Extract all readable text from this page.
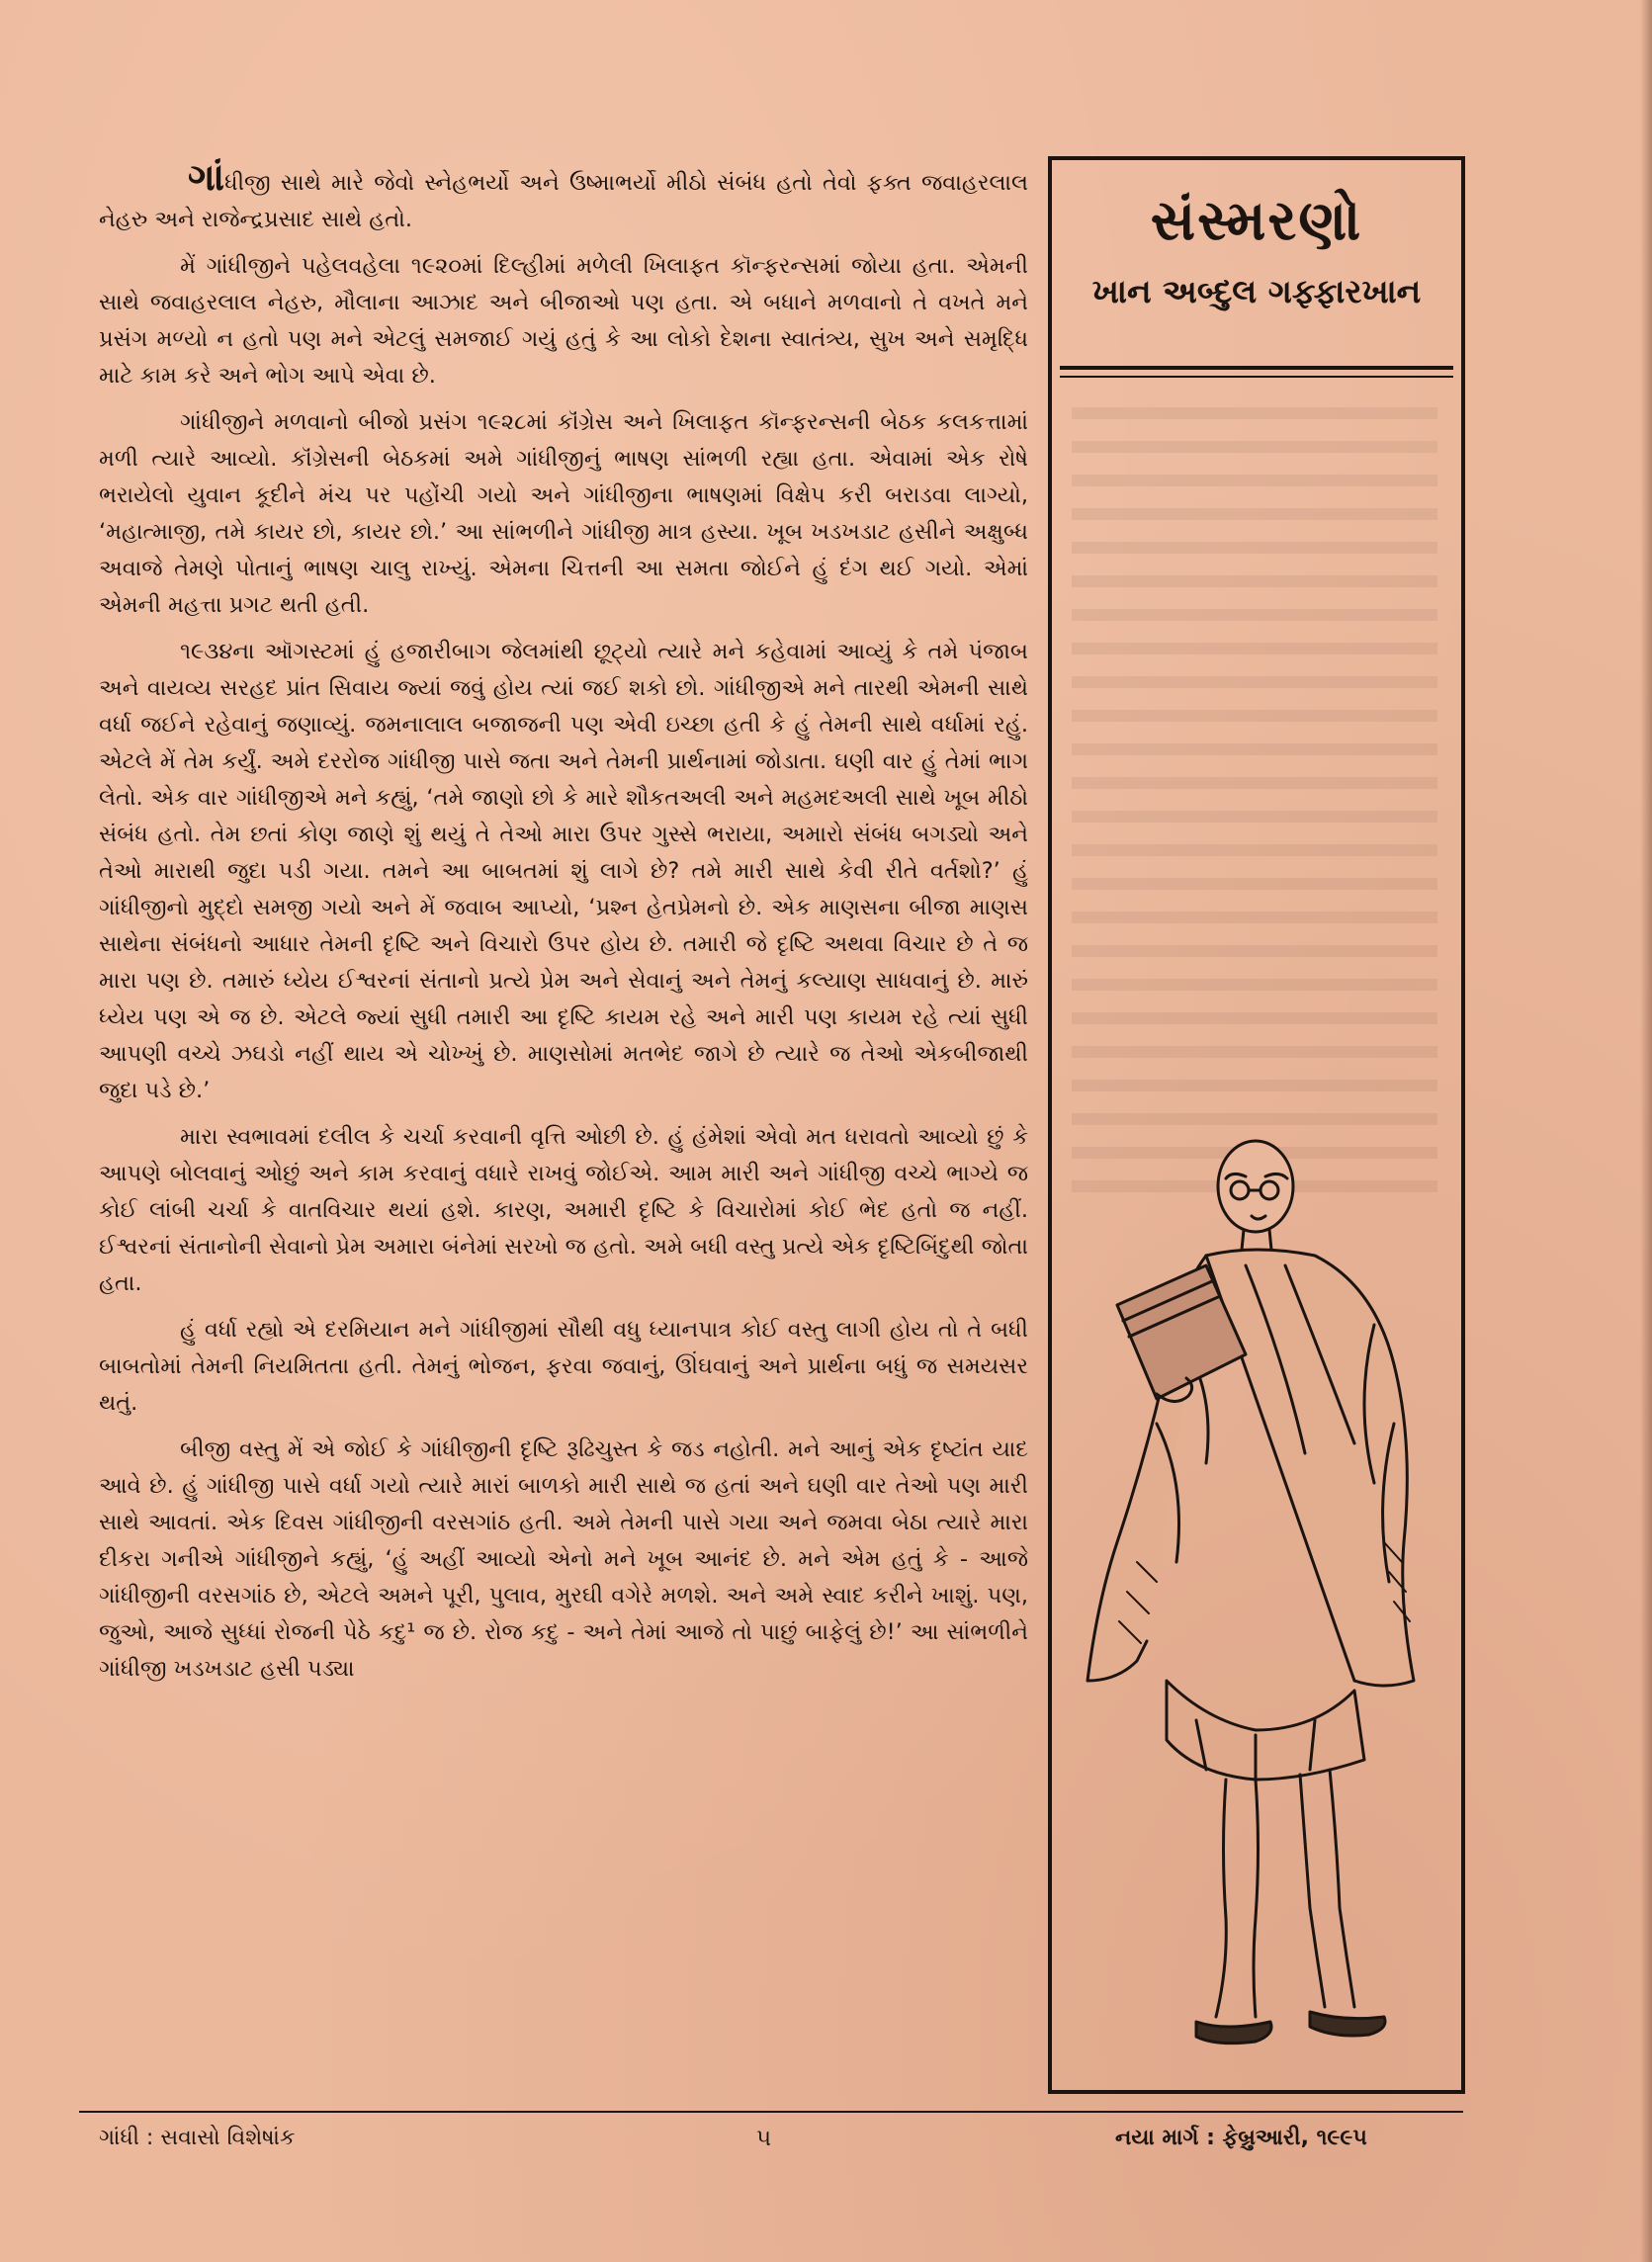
ગાંધીજી સાથે મારે જેવો સ્નેહભર્યો અને ઉષ્માભર્યો મીઠો સંબંધ હતો તેવો ફક્ત જવાહરલાલ નેહરુ અને રાજેન્દ્રપ્રસાદ સાથે હતો.

મેં ગાંધીજીને પહેલવહેલા ૧૯૨૦માં દિલ્હીમાં મળેલી ખિલાફત કૉન્ફરન્સમાં જોયા હતા. એમની સાથે જવાહરલાલ નેહરુ, મૌલાના આઝાદ અને બીજાઓ પણ હતા. એ બધાને મળવાનો તે વખતે મને પ્રસંગ મળ્યો ન હતો પણ મને એટલું સમજાઈ ગયું હતું કે આ લોકો દેશના સ્વાતંત્ર્ય, સુખ અને સમૃદ્ધિ માટે કામ કરે અને ભોગ આપે એવા છે.

ગાંધીજીને મળવાનો બીજો પ્રસંગ ૧૯૨૮માં કૉંગ્રેસ અને ખિલાફત કૉન્ફરન્સની બેઠક કલકત્તામાં મળી ત્યારે આવ્યો. કૉંગ્રેસની બેઠકમાં અમે ગાંધીજીનું ભાષણ સાંભળી રહ્યા હતા. એવામાં એક રોષે ભરાયેલો યુવાન કૂદીને મંચ પર પહોંચી ગયો અને ગાંધીજીના ભાષણમાં વિક્ષેપ કરી બરાડવા લાગ્યો, ‘મહાત્માજી, તમે કાયર છો, કાયર છો.’ આ સાંભળીને ગાંધીજી માત્ર હસ્યા. ખૂબ ખડખડાટ હસીને અક્ષુબ્ધ અવાજે તેમણે પોતાનું ભાષણ ચાલુ રાખ્યું. એમના ચિત્તની આ સમતા જોઈને હું દંગ થઈ ગયો. એમાં એમની મહત્તા પ્રગટ થતી હતી.

૧૯૩૪ના ઑગસ્ટમાં હું હજારીબાગ જેલમાંથી છૂટ્યો ત્યારે મને કહેવામાં આવ્યું કે તમે પંજાબ અને વાયવ્ય સરહદ પ્રાંત સિવાય જ્યાં જવું હોય ત્યાં જઈ શકો છો. ગાંધીજીએ મને તારથી એમની સાથે વર્ધા જઈને રહેવાનું જણાવ્યું. જમનાલાલ બજાજની પણ એવી ઇચ્છા હતી કે હું તેમની સાથે વર્ધામાં રહું. એટલે મેં તેમ કર્યું. અમે દરરોજ ગાંધીજી પાસે જતા અને તેમની પ્રાર્થનામાં જોડાતા. ઘણી વાર હું તેમાં ભાગ લેતો. એક વાર ગાંધીજીએ મને કહ્યું, ‘તમે જાણો છો કે મારે શૌકતઅલી અને મહમદઅલી સાથે ખૂબ મીઠો સંબંધ હતો. તેમ છતાં કોણ જાણે શું થયું તે તેઓ મારા ઉપર ગુસ્સે ભરાયા, અમારો સંબંધ બગડ્યો અને તેઓ મારાથી જુદા પડી ગયા. તમને આ બાબતમાં શું લાગે છે? તમે મારી સાથે કેવી રીતે વર્તશો?’ હું ગાંધીજીનો મુદ્દો સમજી ગયો અને મેં જવાબ આપ્યો, ‘પ્રશ્ન હેતપ્રેમનો છે. એક માણસના બીજા માણસ સાથેના સંબંધનો આધાર તેમની દૃષ્ટિ અને વિચારો ઉપર હોય છે. તમારી જે દૃષ્ટિ અથવા વિચાર છે તે જ મારા પણ છે. તમારું ધ્યેય ઈશ્વરનાં સંતાનો પ્રત્યે પ્રેમ અને સેવાનું અને તેમનું કલ્યાણ સાધવાનું છે. મારું ધ્યેય પણ એ જ છે. એટલે જ્યાં સુધી તમારી આ દૃષ્ટિ કાયમ રહે અને મારી પણ કાયમ રહે ત્યાં સુધી આપણી વચ્ચે ઝઘડો નહીં થાય એ ચોખ્ખું છે. માણસોમાં મતભેદ જાગે છે ત્યારે જ તેઓ એકબીજાથી જુદા પડે છે.’

મારા સ્વભાવમાં દલીલ કે ચર્ચા કરવાની વૃત્તિ ઓછી છે. હું હંમેશાં એવો મત ધરાવતો આવ્યો છું કે આપણે બોલવાનું ઓછું અને કામ કરવાનું વધારે રાખવું જોઈએ. આમ મારી અને ગાંધીજી વચ્ચે ભાગ્યે જ કોઈ લાંબી ચર્ચા કે વાતવિચાર થયાં હશે. કારણ, અમારી દૃષ્ટિ કે વિચારોમાં કોઈ ભેદ હતો જ નહીં. ઈશ્વરનાં સંતાનોની સેવાનો પ્રેમ અમારા બંનેમાં સરખો જ હતો. અમે બધી વસ્તુ પ્રત્યે એક દૃષ્ટિબિંદુથી જોતા હતા.

હું વર્ધા રહ્યો એ દરમિયાન મને ગાંધીજીમાં સૌથી વધુ ધ્યાનપાત્ર કોઈ વસ્તુ લાગી હોય તો તે બધી બાબતોમાં તેમની નિયમિતતા હતી. તેમનું ભોજન, ફરવા જવાનું, ઊંઘવાનું અને પ્રાર્થના બધું જ સમયસર થતું.

બીજી વસ્તુ મેં એ જોઈ કે ગાંધીજીની દૃષ્ટિ રૂઢિચુસ્ત કે જડ નહોતી. મને આનું એક દૃષ્ટાંત યાદ આવે છે. હું ગાંધીજી પાસે વર્ધા ગયો ત્યારે મારાં બાળકો મારી સાથે જ હતાં અને ઘણી વાર તેઓ પણ મારી સાથે આવતાં. એક દિવસ ગાંધીજીની વરસગાંઠ હતી. અમે તેમની પાસે ગયા અને જમવા બેઠા ત્યારે મારા દીકરા ગનીએ ગાંધીજીને કહ્યું, ‘હું અહીં આવ્યો એનો મને ખૂબ આનંદ છે. મને એમ હતું કે - આજે ગાંધીજીની વરસગાંઠ છે, એટલે અમને પૂરી, પુલાવ, મુરઘી વગેરે મળશે. અને અમે સ્વાદ કરીને ખાશું. પણ, જુઓ, આજે સુધ્ધાં રોજની પેઠે કદુ¹ જ છે. રોજ કદુ - અને તેમાં આજે તો પાછું બાફેલું છે!’ આ સાંભળીને ગાંધીજી ખડખડાટ હસી પડ્યા

સંસ્મરણો
ખાન અબ્દુલ ગફ્ફારખાન
ગાંધી : સવાસો વિશેષાંક	૫	નયા માર્ગ : ફેબ્રુઆરી, ૧૯૯૫
